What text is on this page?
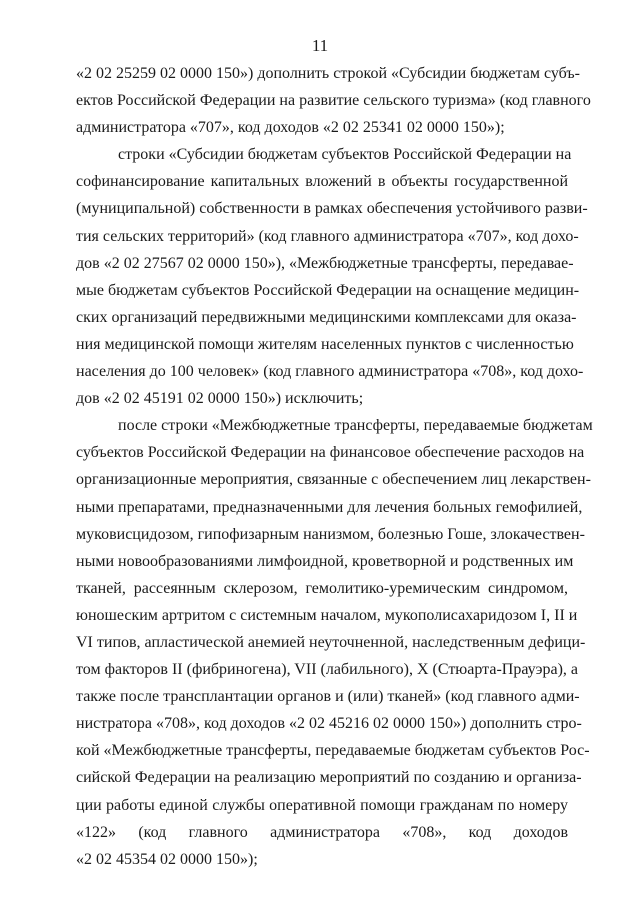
11
«2 02 25259 02 0000 150») дополнить строкой «Субсидии бюджетам субъ-
ектов Российской Федерации на развитие сельского туризма» (код главного
администратора «707», код доходов «2 02 25341 02 0000 150»);
строки «Субсидии бюджетам субъектов Российской Федерации на
софинансирование капитальных вложений в объекты государственной
(муниципальной) собственности в рамках обеспечения устойчивого разви-
тия сельских территорий» (код главного администратора «707», код дохо-
дов «2 02 27567 02 0000 150»), «Межбюджетные трансферты, передавае-
мые бюджетам субъектов Российской Федерации на оснащение медицин-
ских организаций передвижными медицинскими комплексами для оказа-
ния медицинской помощи жителям населенных пунктов с численностью
населения до 100 человек» (код главного администратора «708», код дохо-
дов «2 02 45191 02 0000 150») исключить;
после строки «Межбюджетные трансферты, передаваемые бюджетам
субъектов Российской Федерации на финансовое обеспечение расходов на
организационные мероприятия, связанные с обеспечением лиц лекарствен-
ными препаратами, предназначенными для лечения больных гемофилией,
муковисцидозом, гипофизарным нанизмом, болезнью Гоше, злокачествен-
ными новообразованиями лимфоидной, кроветворной и родственных им
тканей, рассеянным склерозом, гемолитико-уремическим синдромом,
юношеским артритом с системным началом, мукополисахаридозом I, II и
VI типов, апластической анемией неуточненной, наследственным дефици-
том факторов II (фибриногена), VII (лабильного), X (Стюарта-Прауэра), а
также после трансплантации органов и (или) тканей» (код главного адми-
нистратора «708», код доходов «2 02 45216 02 0000 150») дополнить стро-
кой «Межбюджетные трансферты, передаваемые бюджетам субъектов Рос-
сийской Федерации на реализацию мероприятий по созданию и организа-
ции работы единой службы оперативной помощи гражданам по номеру
«122» (код главного администратора «708», код доходов
«2 02 45354 02 0000 150»);
